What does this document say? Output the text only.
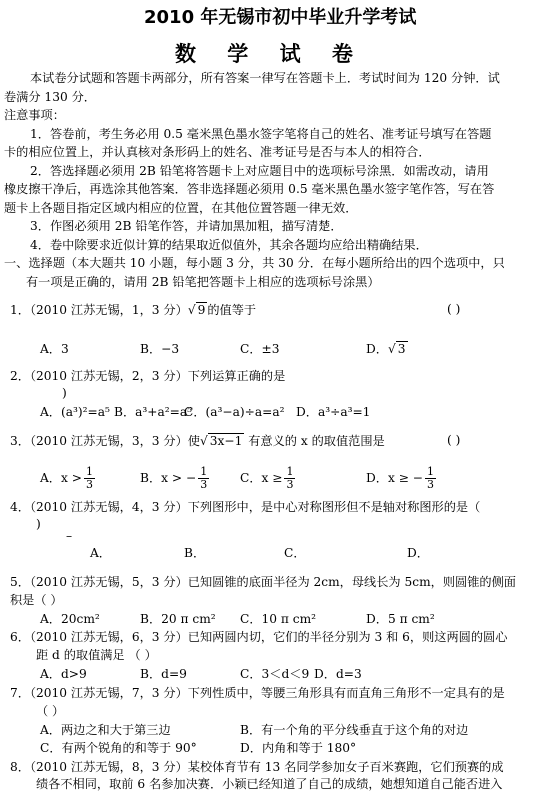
2010 年无锡市初中毕业升学考试
数 学 试 卷
本试卷分试题和答题卡两部分，所有答案一律写在答题卡上．考试时间为 120 分钟．试
卷满分 130 分．
注意事项：
1．答卷前，考生务必用 0.5 毫米黑色墨水签字笔将自己的姓名、准考证号填写在答题
卡的相应位置上，并认真核对条形码上的姓名、准考证号是否与本人的相符合．
2．答选择题必须用 2B 铅笔将答题卡上对应题目中的选项标号涂黑．如需改动，请用
橡皮擦干净后，再选涂其他答案．答非选择题必须用 0.5 毫米黑色墨水签字笔作答，写在答
题卡上各题目指定区域内相应的位置，在其他位置答题一律无效．
3．作图必须用 2B 铅笔作答，并请加黑加粗，描写清楚．
4．卷中除要求近似计算的结果取近似值外，其余各题均应给出精确结果．
一、选择题（本大题共 10 小题，每小题 3 分，共 30 分．在每小题所给出的四个选项中，只
有一项是正确的，请用 2B 铅笔把答题卡上相应的选项标号涂黑）
1．（2010 江苏无锡，1，3 分）√ 9 的值等于	( )
A．3	B．−3	C．±3	D．√ 3
2．（2010 江苏无锡，2，3 分）下列运算正确的是
)
A．(a³)²=a⁵ B．a³+a²=a⁵
C．(a³−a)÷a=a² D．a³÷a³=1
3．（2010 江苏无锡，3，3 分）使√ 3x−1 有意义的 x 的取值范围是	( )
A．$x > \frac{1}{3}$	B．x > − $\frac{1}{3}$	C．$x \ge \frac{1}{3}$	D．x ≥ − $\frac{1}{3}$
4．（2010 江苏无锡，4，3 分）下列图形中，是中心对称图形但不是轴对称图形的是（
)
–
A．	B．	C．	D．
5．（2010 江苏无锡，5，3 分）已知圆锥的底面半径为 2cm，母线长为 5cm，则圆锥的侧面
积是（ ）
A．20cm²	B．20 π cm² C．10 π cm²	D．5 π cm²
6．（2010 江苏无锡，6，3 分）已知两圆内切，它们的半径分别为 3 和 6，则这两圆的圆心
距 d 的取值满足 （ ）
A．d>9	B．d=9	C．3＜d＜9 D．d=3
7．（2010 江苏无锡，7，3 分）下列性质中，等腰三角形具有而直角三角形不一定具有的是
（ ）
A．两边之和大于第三边	B．有一个角的平分线垂直于这个角的对边
C．有两个锐角的和等于 90°	D．内角和等于 180°
8．（2010 江苏无锡，8，3 分）某校体育节有 13 名同学参加女子百米赛跑，它们预赛的成
绩各不相同，取前 6 名参加决赛．小颖已经知道了自己的成绩，她想知道自己能否进入
